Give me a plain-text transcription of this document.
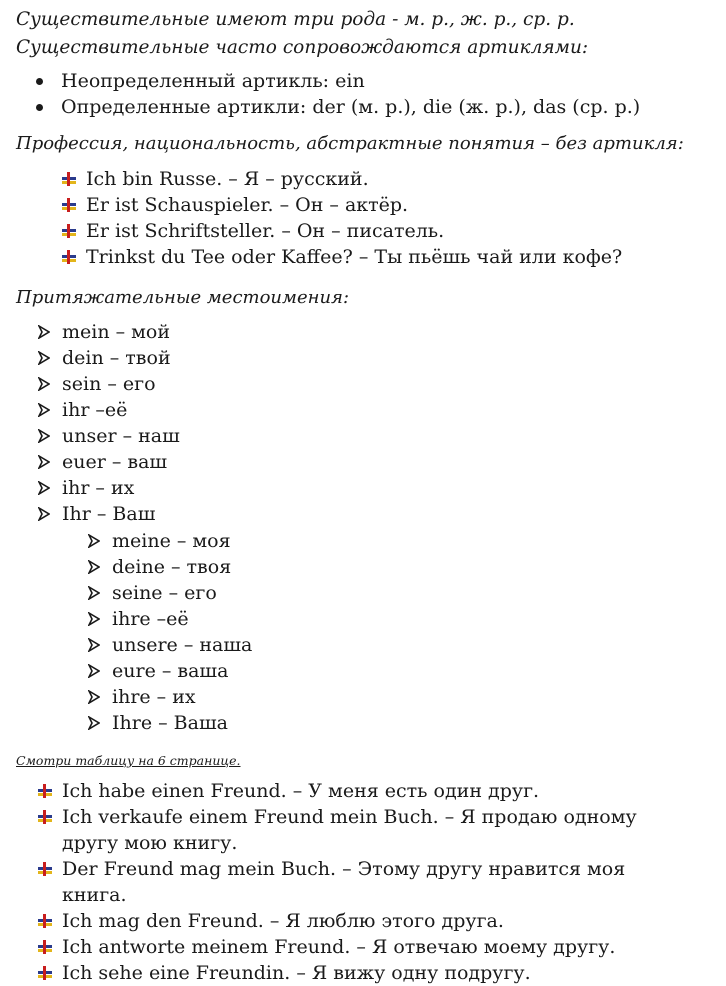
Существительные имеют три рода - м. р., ж. р., ср. р. Существительные часто сопровождаются артиклями:
Неопределенный артикль: ein
Определенные артикли: der (м. р.), die (ж. р.), das (ср. р.)
Профессия, национальность, абстрактные понятия – без артикля:
Ich bin Russe. – Я – русский.
Er ist Schauspieler. – Он – актёр.
Er ist Schriftsteller. – Он – писатель.
Trinkst du Tee oder Kaffee? – Ты пьёшь чай или кофе?
Притяжательные местоимения:
mein – мой
dein – твой
sein – его
ihr –её
unser – наш
euer – ваш
ihr – их
Ihr – Ваш
meine – моя
deine – твоя
seine – его
ihre –её
unsere – наша
eure – ваша
ihre – их
Ihre – Ваша
Смотри таблицу на 6 странице.
Ich habe einen Freund. – У меня есть один друг.
Ich verkaufe einem Freund mein Buch. – Я продаю одному другу мою книгу.
Der Freund mag mein Buch. – Этому другу нравится моя книга.
Ich mag den Freund. – Я люблю этого друга.
Ich antworte meinem Freund. – Я отвечаю моему другу.
Ich sehe eine Freundin. – Я вижу одну подругу.
